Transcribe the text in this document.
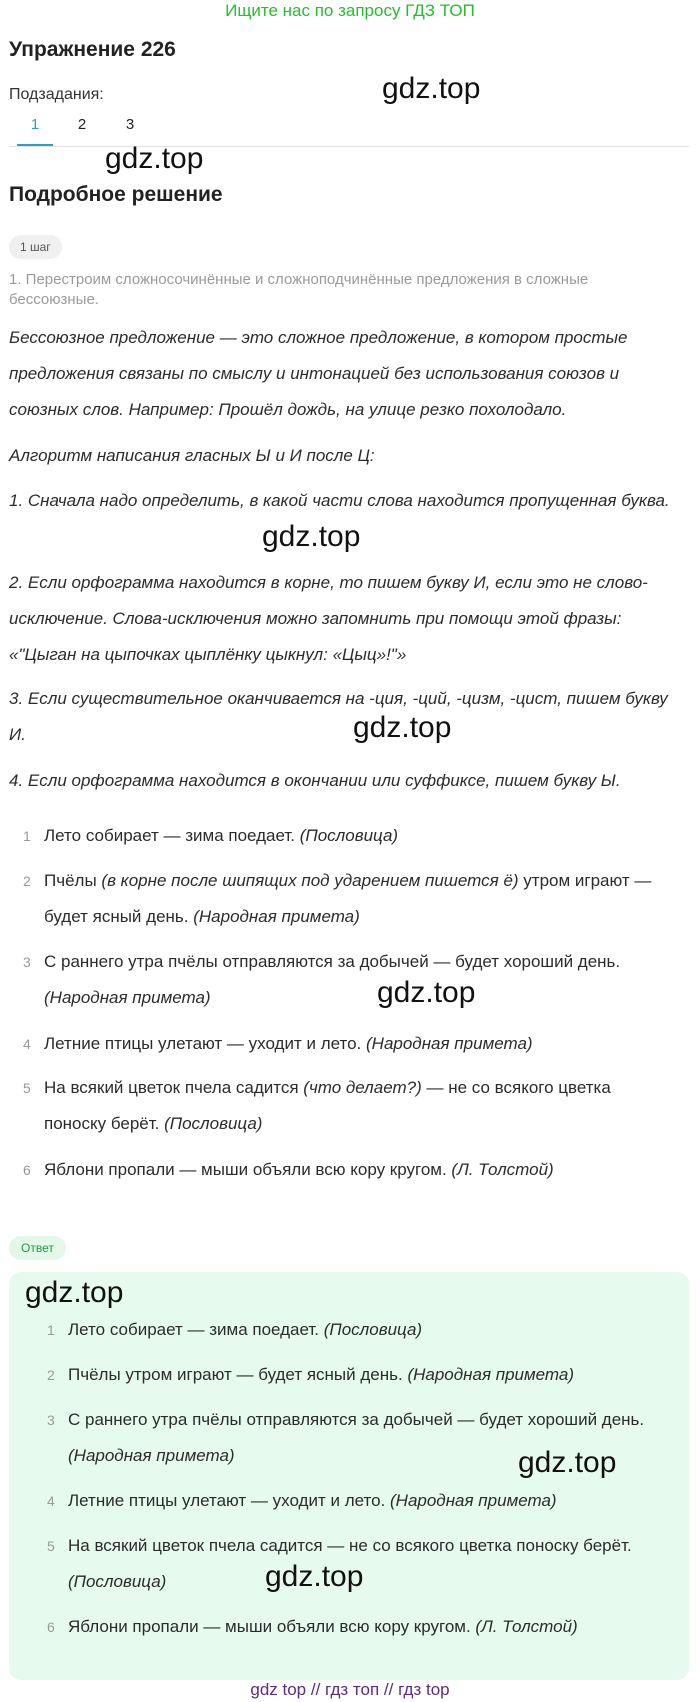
Ищите нас по запросу ГДЗ ТОП
Упражнение 226
Подзадания:
1	2	3
gdz.top
gdz.top
Подробное решение
1 шаг
1. Перестроим сложносочинённые и сложноподчинённые предложения в сложные бессоюзные.
Бессоюзное предложение — это сложное предложение, в котором простые предложения связаны по смыслу и интонацией без использования союзов и союзных слов. Например: Прошёл дождь, на улице резко похолодало.
Алгоритм написания гласных Ы и И после Ц:
1. Сначала надо определить, в какой части слова находится пропущенная буква.
2. Если орфограмма находится в корне, то пишем букву И, если это не слово-исключение. Слова-исключения можно запомнить при помощи этой фразы: «"Цыган на цыпочках цыплёнку цыкнул: «Цыц»!"»
3. Если существительное оканчивается на -ция, -ций, -цизм, -цист, пишем букву И.
4. Если орфограмма находится в окончании или суффиксе, пишем букву Ы.
gdz.top
gdz.top
gdz.top
1 Лето собирает — зима поедает. (Пословица)
2 Пчёлы (в корне после шипящих под ударением пишется ё) утром играют — будет ясный день. (Народная примета)
3 С раннего утра пчёлы отправляются за добычей — будет хороший день. (Народная примета)
4 Летние птицы улетают — уходит и лето. (Народная примета)
5 На всякий цветок пчела садится (что делает?) — не со всякого цветка поноску берёт. (Пословица)
6 Яблони пропали — мыши объяли всю кору кругом. (Л. Толстой)
Ответ
gdz.top
gdz.top
gdz.top
1 Лето собирает — зима поедает. (Пословица)
2 Пчёлы утром играют — будет ясный день. (Народная примета)
3 С раннего утра пчёлы отправляются за добычей — будет хороший день. (Народная примета)
4 Летние птицы улетают — уходит и лето. (Народная примета)
5 На всякий цветок пчела садится — не со всякого цветка поноску берёт. (Пословица)
6 Яблони пропали — мыши объяли всю кору кругом. (Л. Толстой)
gdz top // гдз топ // гдз top
